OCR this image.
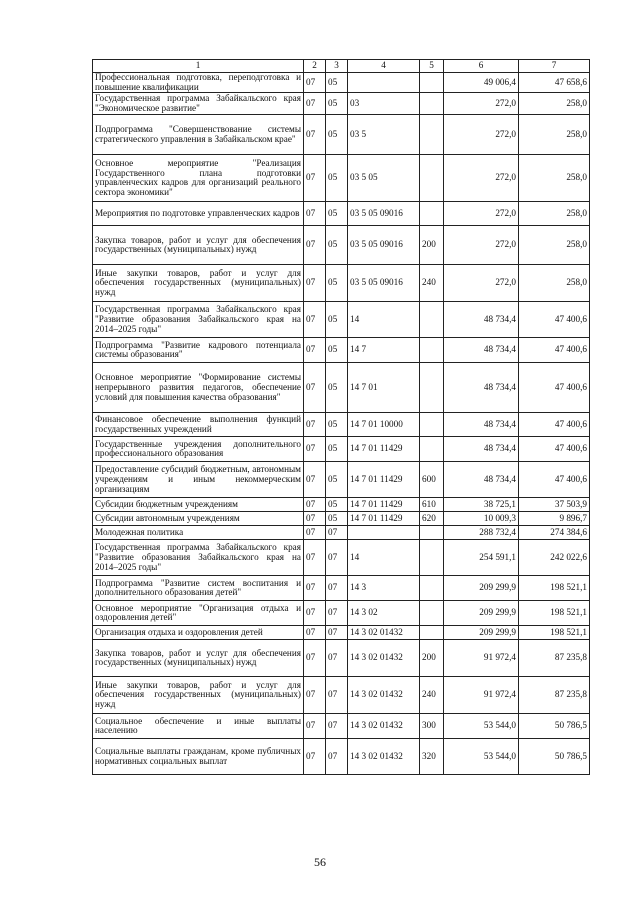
1	2	3	4	5	6	7
Профессиональная подготовка, переподготовка и повышение квалификации	07	05			49 006,4	47 658,6
Государственная программа Забайкальского края "Экономическое развитие"	07	05	03		272,0	258,0
Подпрограмма "Совершенствование системы стратегического управления в Забайкальском крае"	07	05	03 5		272,0	258,0
Основное мероприятие "Реализация Государственного плана подготовки управленческих кадров для организаций реального сектора экономики"	07	05	03 5 05		272,0	258,0
Мероприятия по подготовке управленческих кадров	07	05	03 5 05 09016		272,0	258,0
Закупка товаров, работ и услуг для обеспечения государственных (муниципальных) нужд	07	05	03 5 05 09016	200	272,0	258,0
Иные закупки товаров, работ и услуг для обеспечения государственных (муниципальных) нужд	07	05	03 5 05 09016	240	272,0	258,0
Государственная программа Забайкальского края "Развитие образования Забайкальского края на 2014–2025 годы"	07	05	14		48 734,4	47 400,6
Подпрограмма "Развитие кадрового потенциала системы образования"	07	05	14 7		48 734,4	47 400,6
Основное мероприятие "Формирование системы непрерывного развития педагогов, обеспечение условий для повышения качества образования"	07	05	14 7 01		48 734,4	47 400,6
Финансовое обеспечение выполнения функций государственных учреждений	07	05	14 7 01 10000		48 734,4	47 400,6
Государственные учреждения дополнительного профессионального образования	07	05	14 7 01 11429		48 734,4	47 400,6
Предоставление субсидий бюджетным, автономным учреждениям и иным некоммерческим организациям	07	05	14 7 01 11429	600	48 734,4	47 400,6
Субсидии бюджетным учреждениям	07	05	14 7 01 11429	610	38 725,1	37 503,9
Субсидии автономным учреждениям	07	05	14 7 01 11429	620	10 009,3	9 896,7
Молодежная политика	07	07			288 732,4	274 384,6
Государственная программа Забайкальского края "Развитие образования Забайкальского края на 2014–2025 годы"	07	07	14		254 591,1	242 022,6
Подпрограмма "Развитие систем воспитания и дополнительного образования детей"	07	07	14 3		209 299,9	198 521,1
Основное мероприятие "Организация отдыха и оздоровления детей"	07	07	14 3 02		209 299,9	198 521,1
Организация отдыха и оздоровления детей	07	07	14 3 02 01432		209 299,9	198 521,1
Закупка товаров, работ и услуг для обеспечения государственных (муниципальных) нужд	07	07	14 3 02 01432	200	91 972,4	87 235,8
Иные закупки товаров, работ и услуг для обеспечения государственных (муниципальных) нужд	07	07	14 3 02 01432	240	91 972,4	87 235,8
Социальное обеспечение и иные выплаты населению	07	07	14 3 02 01432	300	53 544,0	50 786,5
Социальные выплаты гражданам, кроме публичных нормативных социальных выплат	07	07	14 3 02 01432	320	53 544,0	50 786,5
56
